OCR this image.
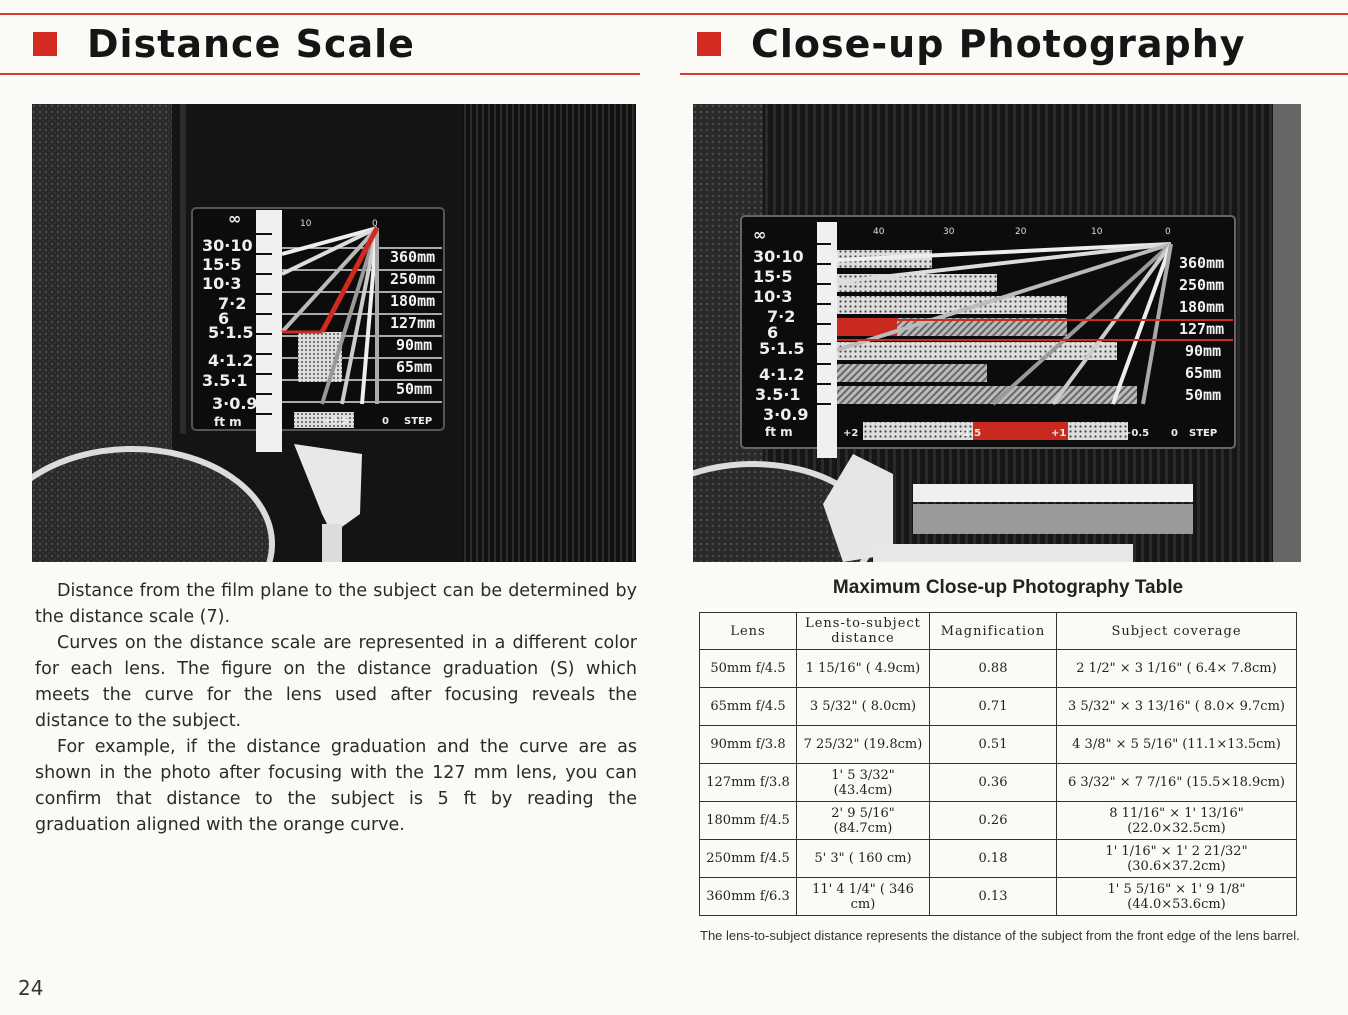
Distance Scale	Close-up Photography
∞
30·10
15·5
10·3
7·2
6
5·1.5
4·1.2
3.5·1
3·0.9
ft m
10	0
360mm
250mm
180mm
127mm
90mm
65mm
50mm
+0.5	0 STEP
40	30	20	10	0
∞
30·10
15·5
10·3
7·2
6
5·1.5
4·1.2
3.5·1
3·0.9
ft m
360mm
250mm
180mm
127mm
90mm
65mm
50mm
+2	+1.5	+1	+0.5 0 STEP

Distance from the film plane to the subject can be determined by the distance scale (7).

Curves on the distance scale are represented in a different color for each lens. The figure on the distance graduation (S) which meets the curve for the lens used after focusing reveals the distance to the subject.

For example, if the distance graduation and the curve are as shown in the photo after focusing with the 127 mm lens, you can confirm that distance to the subject is 5 ft by reading the graduation aligned with the orange curve.

Maximum Close-up Photography Table
Lens	Lens-to-subject distance	Magnification	Subject coverage
50mm f/4.5	1 15/16" ( 4.9cm)	0.88	2 1/2" × 3 1/16" ( 6.4× 7.8cm)
65mm f/4.5	3 5/32" ( 8.0cm)	0.71	3 5/32" × 3 13/16" ( 8.0× 9.7cm)
90mm f/3.8	7 25/32" (19.8cm)	0.51	4 3/8" × 5 5/16" (11.1×13.5cm)
127mm f/3.8	1' 5 3/32" (43.4cm)	0.36	6 3/32" × 7 7/16" (15.5×18.9cm)
180mm f/4.5	2' 9 5/16" (84.7cm)	0.26	8 11/16" × 1' 13/16" (22.0×32.5cm)
250mm f/4.5	5' 3" ( 160 cm)	0.18	1' 1/16" × 1' 2 21/32" (30.6×37.2cm)
360mm f/6.3	11' 4 1/4" ( 346 cm)	0.13	1' 5 5/16" × 1' 9 1/8" (44.0×53.6cm)
The lens-to-subject distance represents the distance of the subject from the front edge of the lens barrel.
24
